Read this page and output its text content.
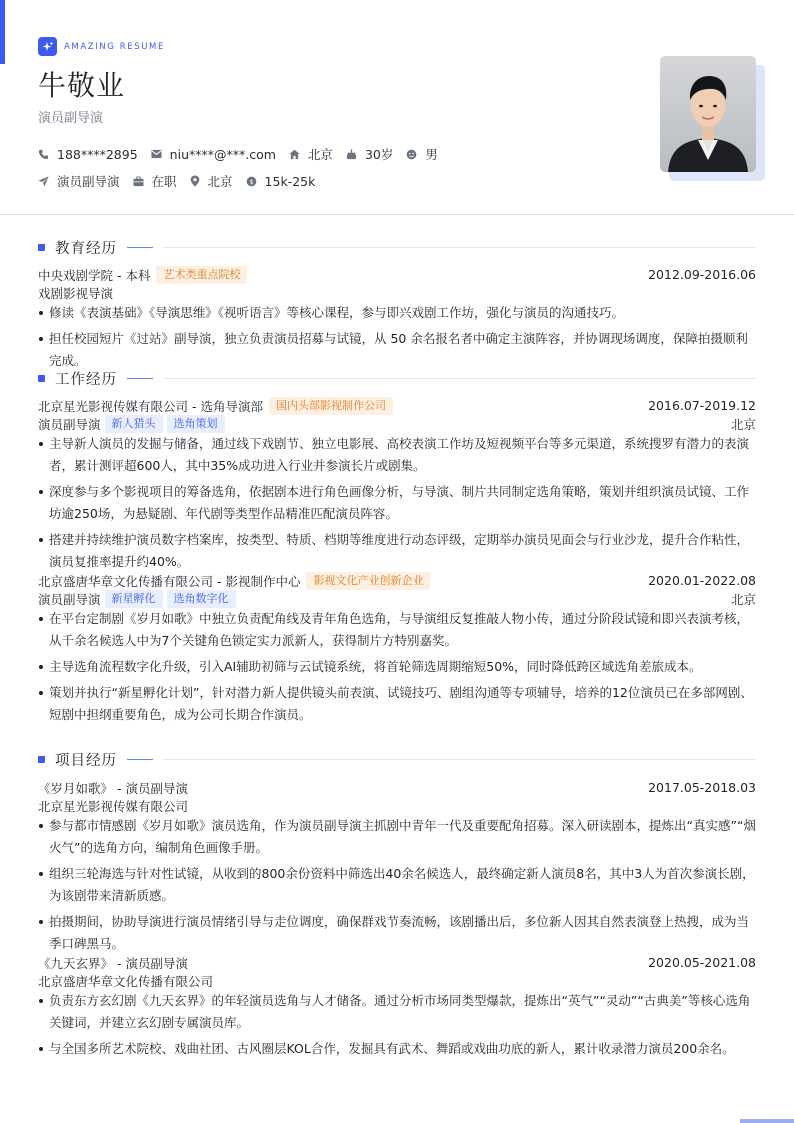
AMAZING RESUME
牛敬业
演员副导演
188****2895	niu****@***.com	北京	30岁	男
演员副导演	在职 北京 $ 15k-25k
教育经历
中央戏剧学院 - 本科	艺术类重点院校	2012.09-2016.06
戏剧影视导演
修读《表演基础》《导演思维》《视听语言》等核心课程，参与即兴戏剧工作坊，强化与演员的沟通技巧。
担任校园短片《过站》副导演，独立负责演员招募与试镜，从 50 余名报名者中确定主演阵容，并协调现场调度，保障拍摄顺利完成。
工作经历
北京星光影视传媒有限公司 - 选角导演部	国内头部影视制作公司	2016.07-2019.12
演员副导演	新人猎头	选角策划	北京
主导新人演员的发掘与储备，通过线下戏剧节、独立电影展、高校表演工作坊及短视频平台等多元渠道，系统搜罗有潜力的表演者，累计测评超600人，其中35%成功进入行业并参演长片或剧集。
深度参与多个影视项目的筹备选角，依据剧本进行角色画像分析，与导演、制片共同制定选角策略，策划并组织演员试镜、工作坊逾250场，为悬疑剧、年代剧等类型作品精准匹配演员阵容。
搭建并持续维护演员数字档案库，按类型、特质、档期等维度进行动态评级，定期举办演员见面会与行业沙龙，提升合作粘性，演员复推率提升约40%。
北京盛唐华章文化传播有限公司 - 影视制作中心	影视文化产业创新企业	2020.01-2022.08
演员副导演	新星孵化	选角数字化	北京
在平台定制剧《岁月如歌》中独立负责配角线及青年角色选角，与导演组反复推敲人物小传，通过分阶段试镜和即兴表演考核，从千余名候选人中为7个关键角色锁定实力派新人，获得制片方特别嘉奖。
主导选角流程数字化升级，引入AI辅助初筛与云试镜系统，将首轮筛选周期缩短50%，同时降低跨区域选角差旅成本。
策划并执行“新星孵化计划”，针对潜力新人提供镜头前表演、试镜技巧、剧组沟通等专项辅导，培养的12位演员已在多部网剧、短剧中担纲重要角色，成为公司长期合作演员。
项目经历
《岁月如歌》 - 演员副导演	2017.05-2018.03
北京星光影视传媒有限公司
参与都市情感剧《岁月如歌》演员选角，作为演员副导演主抓剧中青年一代及重要配角招募。深入研读剧本，提炼出“真实感”“烟火气”的选角方向，编制角色画像手册。
组织三轮海选与针对性试镜，从收到的800余份资料中筛选出40余名候选人，最终确定新人演员8名，其中3人为首次参演长剧，为该剧带来清新质感。
拍摄期间，协助导演进行演员情绪引导与走位调度，确保群戏节奏流畅，该剧播出后，多位新人因其自然表演登上热搜，成为当季口碑黑马。
《九天玄界》 - 演员副导演	2020.05-2021.08
北京盛唐华章文化传播有限公司
负责东方玄幻剧《九天玄界》的年轻演员选角与人才储备。通过分析市场同类型爆款，提炼出“英气”“灵动”“古典美”等核心选角关键词，并建立玄幻剧专属演员库。
与全国多所艺术院校、戏曲社团、古风圈层KOL合作，发掘具有武术、舞蹈或戏曲功底的新人，累计收录潜力演员200余名。
